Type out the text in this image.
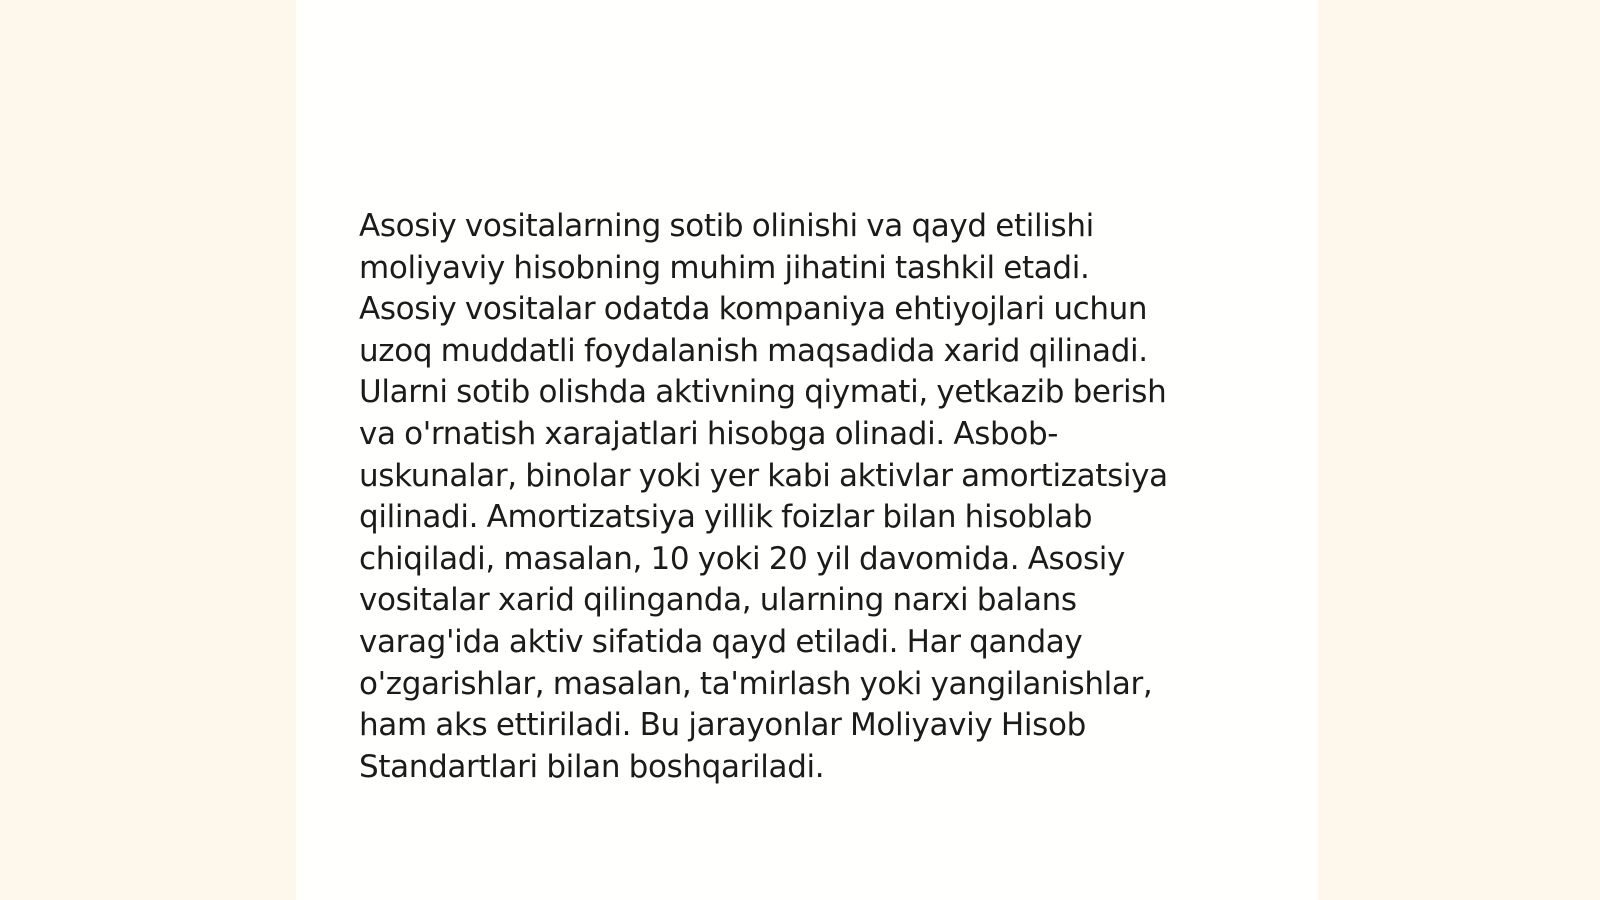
Asosiy vositalarning sotib olinishi va qayd etilishi
moliyaviy hisobning muhim jihatini tashkil etadi.
Asosiy vositalar odatda kompaniya ehtiyojlari uchun
uzoq muddatli foydalanish maqsadida xarid qilinadi.
Ularni sotib olishda aktivning qiymati, yetkazib berish
va o'rnatish xarajatlari hisobga olinadi. Asbob-
uskunalar, binolar yoki yer kabi aktivlar amortizatsiya
qilinadi. Amortizatsiya yillik foizlar bilan hisoblab
chiqiladi, masalan, 10 yoki 20 yil davomida. Asosiy
vositalar xarid qilinganda, ularning narxi balans
varag'ida aktiv sifatida qayd etiladi. Har qanday
o'zgarishlar, masalan, ta'mirlash yoki yangilanishlar,
ham aks ettiriladi. Bu jarayonlar Moliyaviy Hisob
Standartlari bilan boshqariladi.
